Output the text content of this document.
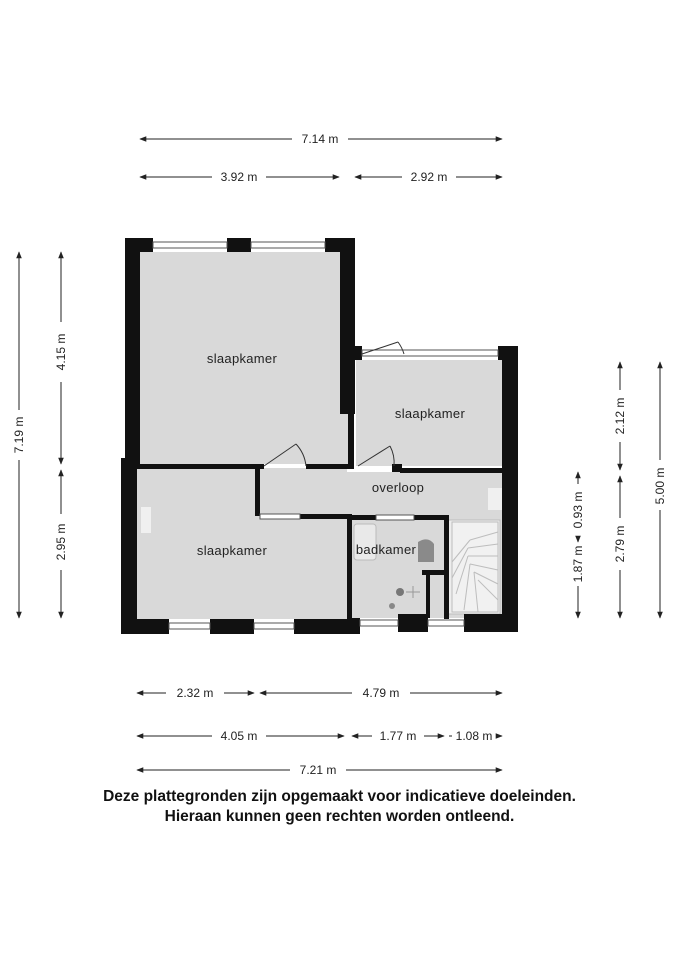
slaapkamer
slaapkamer
slaapkamer
overloop
badkamer
7.14 m
3.92 m	2.92 m
7.19 m
4.15 m
2.95 m
0.93 m
1.87 m
2.12 m
2.79 m
5.00 m
2.32 m	4.79 m
4.05 m	1.77 m	1.08 m
7.21 m
Deze plattegronden zijn opgemaakt voor indicatieve doeleinden.
Hieraan kunnen geen rechten worden ontleend.
